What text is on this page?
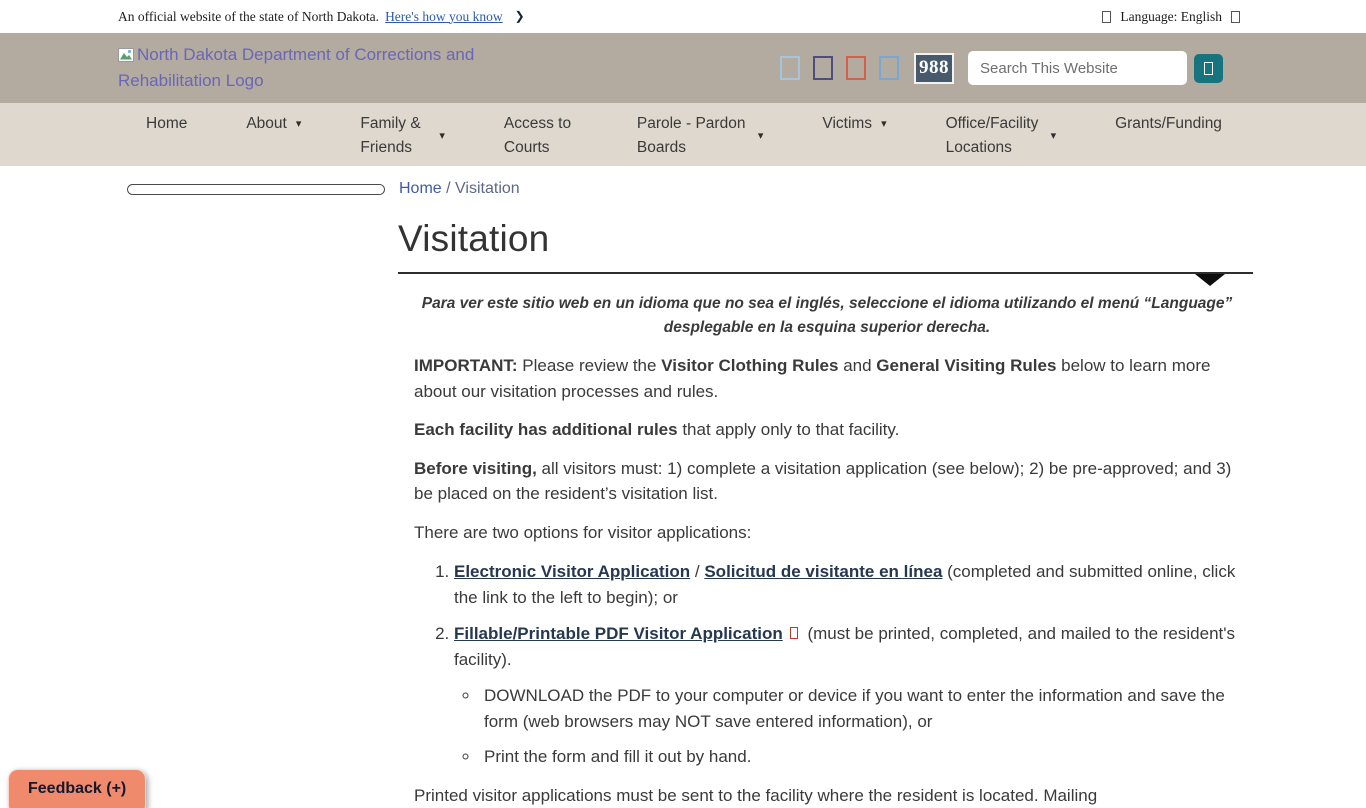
An official website of the state of North Dakota. Here's how you know ❯	Language: English
North Dakota Department of Corrections and Rehabilitation Logo
988
Search This Website
Home	About ▾	Family & Friends
▾
Access to Courts
Parole - Pardon Boards
▾
Victims ▾	Office/Facility Locations
▾
Grants/Funding
Home / Visitation
Visitation

Para ver este sitio web en un idioma que no sea el inglés, seleccione el idioma utilizando el menú “Language” desplegable en la esquina superior derecha.

IMPORTANT: Please review the Visitor Clothing Rules and General Visiting Rules below to learn more about our visitation processes and rules.

Each facility has additional rules that apply only to that facility.

Before visiting, all visitors must: 1) complete a visitation application (see below); 2) be pre-approved; and 3) be placed on the resident’s visitation list.

There are two options for visitor applications:

1. Electronic Visitor Application / Solicitud de visitante en línea (completed and submitted online, click the link to the left to begin); or
2. Fillable/Printable PDF Visitor Application (must be printed, completed, and mailed to the resident's facility).
◦ DOWNLOAD the PDF to your computer or device if you want to enter the information and save the form (web browsers may NOT save entered information), or
◦ Print the form and fill it out by hand.

Printed visitor applications must be sent to the facility where the resident is located. Mailing

Feedback (+)
